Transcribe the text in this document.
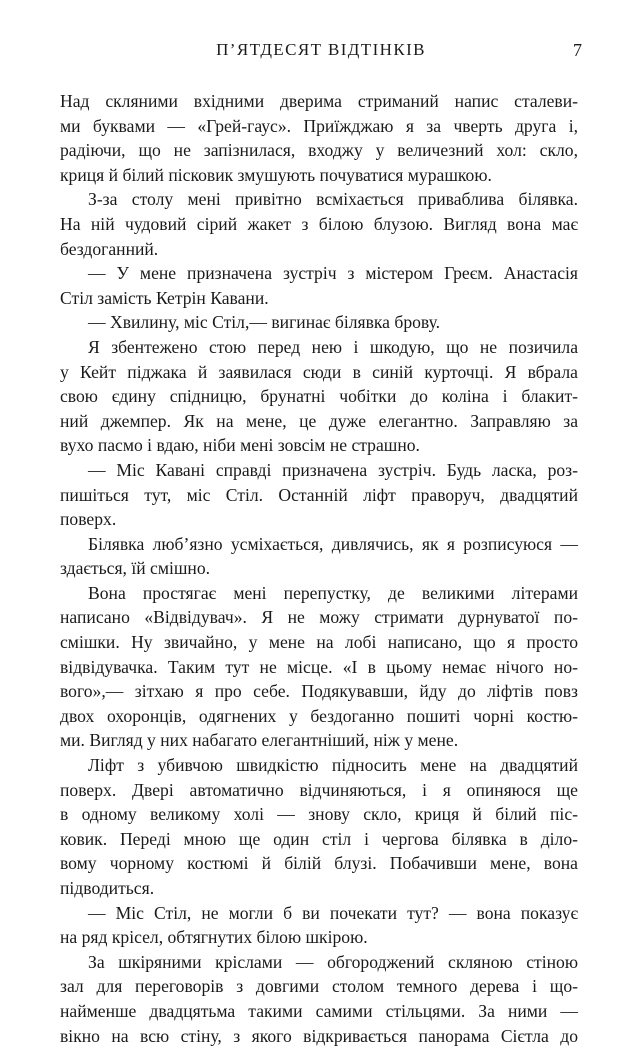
П’ЯТДЕСЯТ ВІДТІНКІВ	7
Над скляними вхідними дверима стриманий напис сталеви-
ми буквами — «Грей-гаус». Приїжджаю я за чверть друга і,
радіючи, що не запізнилася, входжу у величезний хол: скло,
криця й білий пісковик змушують почуватися мурашкою.
З-за столу мені привітно всміхається приваблива білявка.
На ній чудовий сірий жакет з білою блузою. Вигляд вона має
бездоганний.
— У мене призначена зустріч з містером Греєм. Анастасія
Стіл замість Кетрін Кавани.
— Хвилину, міс Стіл,— вигинає білявка брову.
Я збентежено стою перед нею і шкодую, що не позичила
у Кейт піджака й заявилася сюди в синій курточці. Я вбрала
свою єдину спідницю, брунатні чобітки до коліна і блакит-
ний джемпер. Як на мене, це дуже елегантно. Заправляю за
вухо пасмо і вдаю, ніби мені зовсім не страшно.
— Міс Кавані справді призначена зустріч. Будь ласка, роз-
пишіться тут, міс Стіл. Останній ліфт праворуч, двадцятий
поверх.
Білявка люб’язно усміхається, дивлячись, як я розписуюся —
здається, їй смішно.
Вона простягає мені перепустку, де великими літерами
написано «Відвідувач». Я не можу стримати дурнуватої по-
смішки. Ну звичайно, у мене на лобі написано, що я просто
відвідувачка. Таким тут не місце. «І в цьому немає нічого но-
вого»,— зітхаю я про себе. Подякувавши, йду до ліфтів повз
двох охоронців, одягнених у бездоганно пошиті чорні костю-
ми. Вигляд у них набагато елегантніший, ніж у мене.
Ліфт з убивчою швидкістю підносить мене на двадцятий
поверх. Двері автоматично відчиняються, і я опиняюся ще
в одному великому холі — знову скло, криця й білий піс-
ковик. Переді мною ще один стіл і чергова білявка в діло-
вому чорному костюмі й білій блузі. Побачивши мене, вона
підводиться.
— Міс Стіл, не могли б ви почекати тут? — вона показує
на ряд крісел, обтягнутих білою шкірою.
За шкіряними кріслами — обгороджений скляною стіною
зал для переговорів з довгими столом темного дерева і що-
найменше двадцятьма такими самими стільцями. За ними —
вікно на всю стіну, з якого відкривається панорама Сієтла до
